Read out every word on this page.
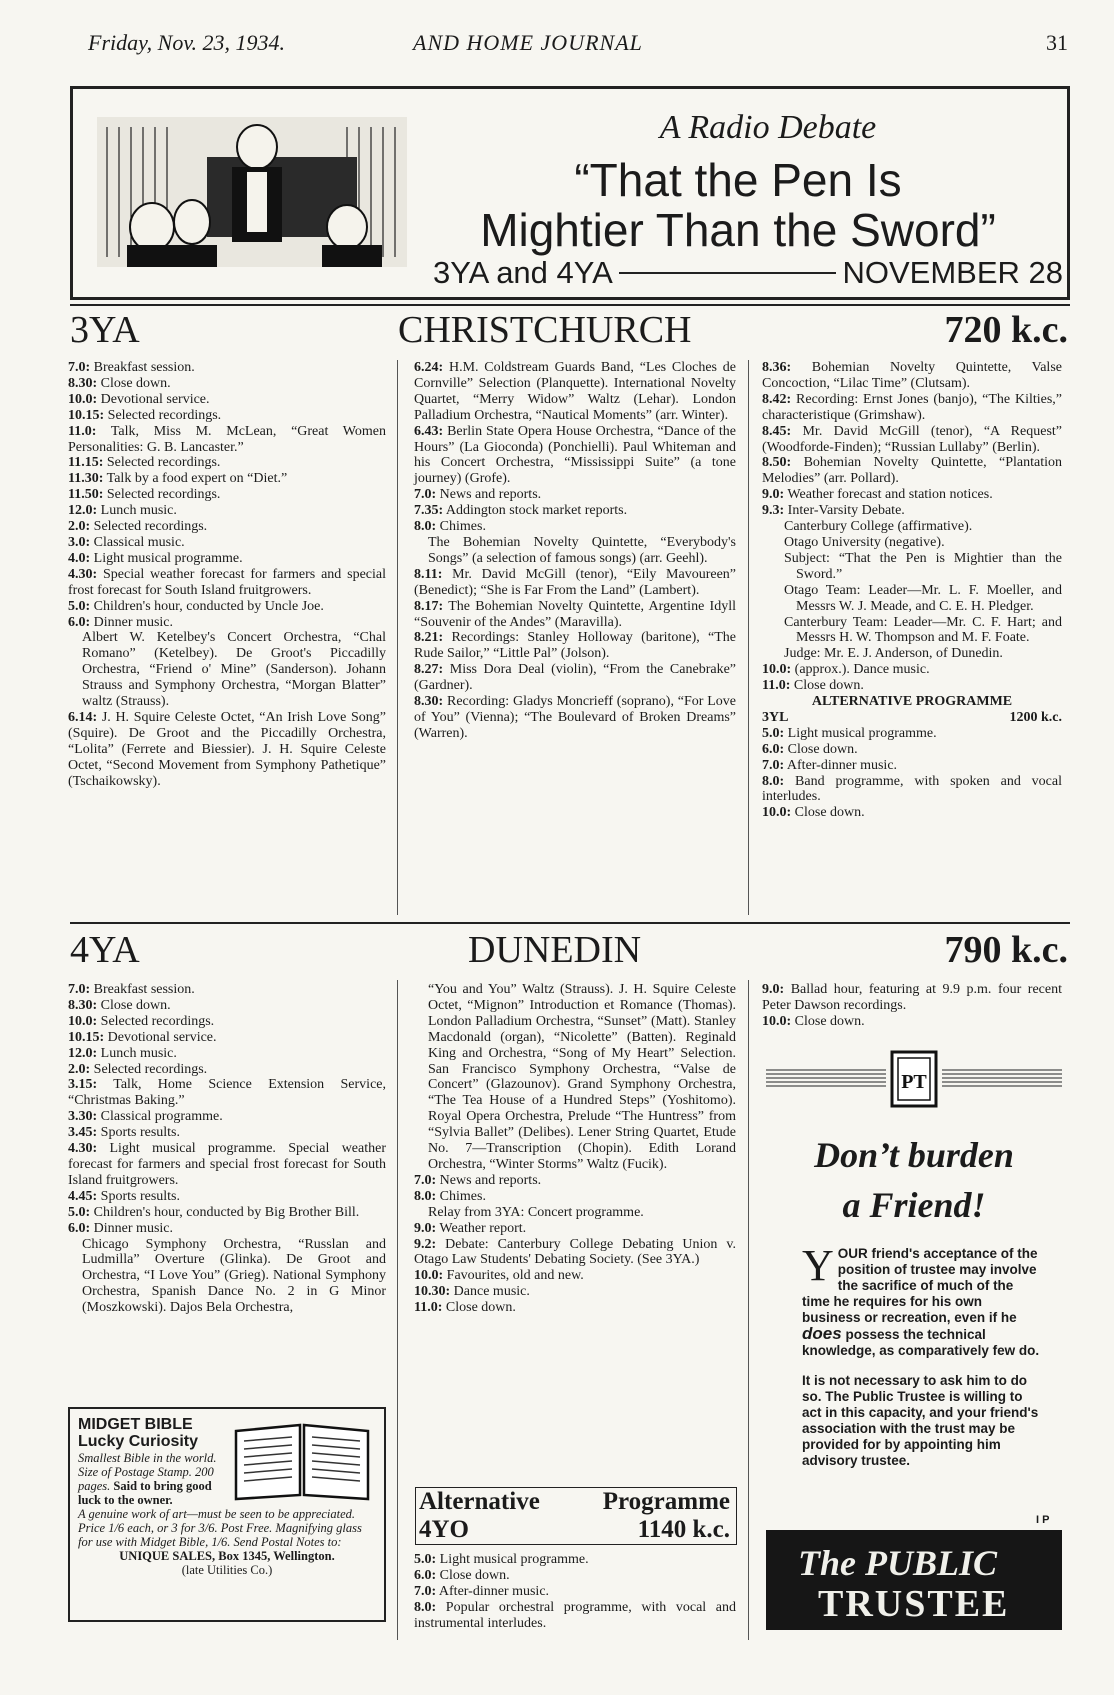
Friday, Nov. 23, 1934.	AND HOME JOURNAL	31
A Radio Debate
“That the Pen Is
Mightier Than the Sword”
3YA and 4YA	NOVEMBER 28
3YA	CHRISTCHURCH	720 k.c.
7.0: Breakfast session.
8.30: Close down.
10.0: Devotional service.
10.15: Selected recordings.
11.0: Talk, Miss M. McLean, “Great Women Personalities: G. B. Lancaster.”
11.15: Selected recordings.
11.30: Talk by a food expert on “Diet.”
11.50: Selected recordings.
12.0: Lunch music.
2.0: Selected recordings.
3.0: Classical music.
4.0: Light musical programme.
4.30: Special weather forecast for farmers and special frost forecast for South Island fruitgrowers.
5.0: Children's hour, conducted by Uncle Joe.
6.0: Dinner music.
Albert W. Ketelbey's Concert Orchestra, “Chal Romano” (Ketelbey). De Groot's Piccadilly Orchestra, “Friend o' Mine” (Sanderson). Johann Strauss and Symphony Orchestra, “Morgan Blatter” waltz (Strauss).
6.14: J. H. Squire Celeste Octet, “An Irish Love Song” (Squire). De Groot and the Piccadilly Orchestra, “Lolita” (Ferrete and Biessier). J. H. Squire Celeste Octet, “Second Movement from Symphony Pathetique” (Tschaikowsky).
6.24: H.M. Coldstream Guards Band, “Les Cloches de Cornville” Selection (Planquette). International Novelty Quartet, “Merry Widow” Waltz (Lehar). London Palladium Orchestra, “Nautical Moments” (arr. Winter).
6.43: Berlin State Opera House Orchestra, “Dance of the Hours” (La Gioconda) (Ponchielli). Paul Whiteman and his Concert Orchestra, “Mississippi Suite” (a tone journey) (Grofe).
7.0: News and reports.
7.35: Addington stock market reports.
8.0: Chimes.
The Bohemian Novelty Quintette, “Everybody's Songs” (a selection of famous songs) (arr. Geehl).
8.11: Mr. David McGill (tenor), “Eily Mavoureen” (Benedict); “She is Far From the Land” (Lambert).
8.17: The Bohemian Novelty Quintette, Argentine Idyll “Souvenir of the Andes” (Maravilla).
8.21: Recordings: Stanley Holloway (baritone), “The Rude Sailor,” “Little Pal” (Jolson).
8.27: Miss Dora Deal (violin), “From the Canebrake” (Gardner).
8.30: Recording: Gladys Moncrieff (soprano), “For Love of You” (Vienna); “The Boulevard of Broken Dreams” (Warren).
8.36: Bohemian Novelty Quintette, Valse Concoction, “Lilac Time” (Clutsam).
8.42: Recording: Ernst Jones (banjo), “The Kilties,” characteristique (Grimshaw).
8.45: Mr. David McGill (tenor), “A Request” (Woodforde-Finden); “Russian Lullaby” (Berlin).
8.50: Bohemian Novelty Quintette, “Plantation Melodies” (arr. Pollard).
9.0: Weather forecast and station notices.
9.3: Inter-Varsity Debate.
Canterbury College (affirmative).
Otago University (negative).
Subject: “That the Pen is Mightier than the Sword.”
Otago Team: Leader—Mr. L. F. Moeller, and Messrs W. J. Meade, and C. E. H. Pledger.
Canterbury Team: Leader—Mr. C. F. Hart; and Messrs H. W. Thompson and M. F. Foate.
Judge: Mr. E. J. Anderson, of Dunedin.
10.0: (approx.). Dance music.
11.0: Close down.
ALTERNATIVE PROGRAMME
3YL	1200 k.c.
5.0: Light musical programme.
6.0: Close down.
7.0: After-dinner music.
8.0: Band programme, with spoken and vocal interludes.
10.0: Close down.
4YA	DUNEDIN	790 k.c.
7.0: Breakfast session.
8.30: Close down.
10.0: Selected recordings.
10.15: Devotional service.
12.0: Lunch music.
2.0: Selected recordings.
3.15: Talk, Home Science Extension Service, “Christmas Baking.”
3.30: Classical programme.
3.45: Sports results.
4.30: Light musical programme. Special weather forecast for farmers and special frost forecast for South Island fruitgrowers.
4.45: Sports results.
5.0: Children's hour, conducted by Big Brother Bill.
6.0: Dinner music.
Chicago Symphony Orchestra, “Russlan and Ludmilla” Overture (Glinka). De Groot and Orchestra, “I Love You” (Grieg). National Symphony Orchestra, Spanish Dance No. 2 in G Minor (Moszkowski). Dajos Bela Orchestra,
“You and You” Waltz (Strauss). J. H. Squire Celeste Octet, “Mignon” Introduction et Romance (Thomas). London Palladium Orchestra, “Sunset” (Matt). Stanley Macdonald (organ), “Nicolette” (Batten). Reginald King and Orchestra, “Song of My Heart” Selection. San Francisco Symphony Orchestra, “Valse de Concert” (Glazounov). Grand Symphony Orchestra, “The Tea House of a Hundred Steps” (Yoshitomo). Royal Opera Orchestra, Prelude “The Huntress” from “Sylvia Ballet” (Delibes). Lener String Quartet, Etude No. 7—Transcription (Chopin). Edith Lorand Orchestra, “Winter Storms” Waltz (Fucik).
7.0: News and reports.
8.0: Chimes.
Relay from 3YA: Concert programme.
9.0: Weather report.
9.2: Debate: Canterbury College Debating Union v. Otago Law Students' Debating Society. (See 3YA.)
10.0: Favourites, old and new.
10.30: Dance music.
11.0: Close down.
9.0: Ballad hour, featuring at 9.9 p.m. four recent Peter Dawson recordings.
10.0: Close down.
Alternative	Programme
4YO	1140 k.c.
5.0: Light musical programme.
6.0: Close down.
7.0: After-dinner music.
8.0: Popular orchestral programme, with vocal and instrumental interludes.
MIDGET BIBLE
Lucky Curiosity
Smallest Bible in the world. Size of Postage Stamp. 200 pages. Said to bring good luck to the owner.
A genuine work of art—must be seen to be appreciated. Price 1/6 each, or 3 for 3/6. Post Free. Magnifying glass for use with Midget Bible, 1/6. Send Postal Notes to:
UNIQUE SALES, Box 1345, Wellington.
(late Utilities Co.)
PT
Don’t burden
a Friend!
Y OUR friend's acceptance of the position of trustee may involve the sacrifice of much of the time he requires for his own business or recreation, even if he does possess the technical knowledge, as comparatively few do.
It is not necessary to ask him to do so. The Public Trustee is willing to act in this capacity, and your friend's association with the trust may be provided for by appointing him advisory trustee.
I P
The PUBLIC
TRUSTEE
